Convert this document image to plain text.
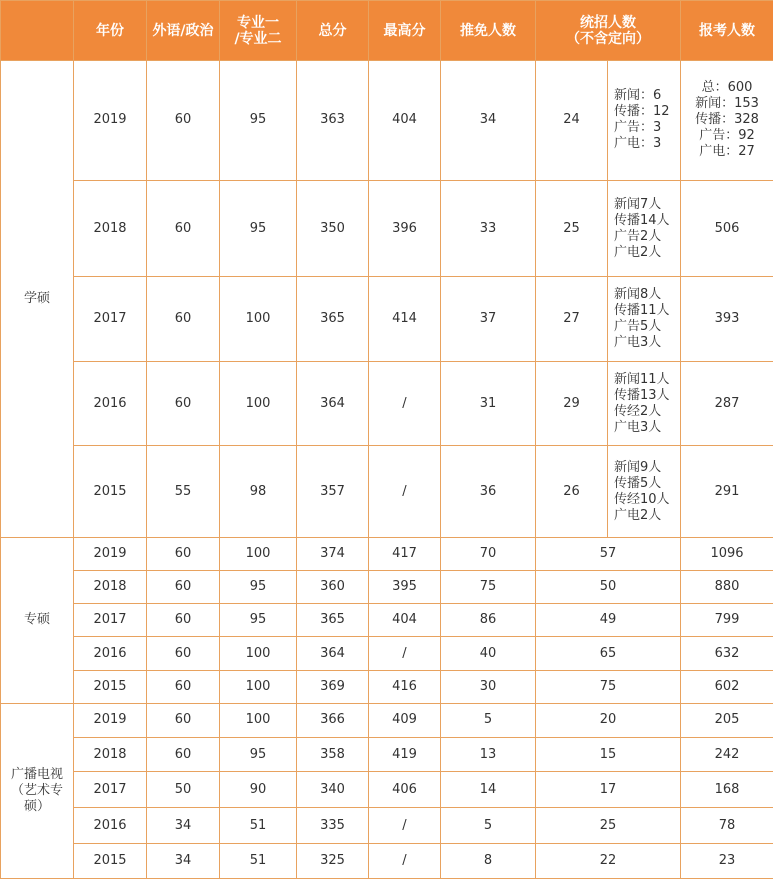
	年份	外语/政治	专业一
/专业二	总分	最高分	推免人数	统招人数
（不含定向）		报考人数
学硕	2019	60	95	363	404	34	24	新闻：6
传播：12
广告：3
广电：3	总：600
新闻：153
传播：328
广告：92
广电：27

	2018	60	95	350	396	33	25	新闻7人
传播14人
广告2人
广电2人	506
	2017	60	100	365	414	37	27	新闻8人
传播11人
广告5人
广电3人	393
	2016	60	100	364	/	31	29	新闻11人
传播13人
传经2人
广电3人	287
	2015	55	98	357	/	36	26	新闻9人
传播5人
传经10人
广电2人	291
专硕	2019	60	100	374	417	70	57		1096
	2018	60	95	360	395	75	50		880
	2017	60	95	365	404	86	49		799
	2016	60	100	364	/	40	65		632
	2015	60	100	369	416	30	75		602

广播电视
（艺术专
硕）	2019	60	100	366	409	5	20		205
	2018	60	95	358	419	13	15		242
	2017	50	90	340	406	14	17		168
	2016	34	51	335	/	5	25		78
	2015	34	51	325	/	8	22		23
